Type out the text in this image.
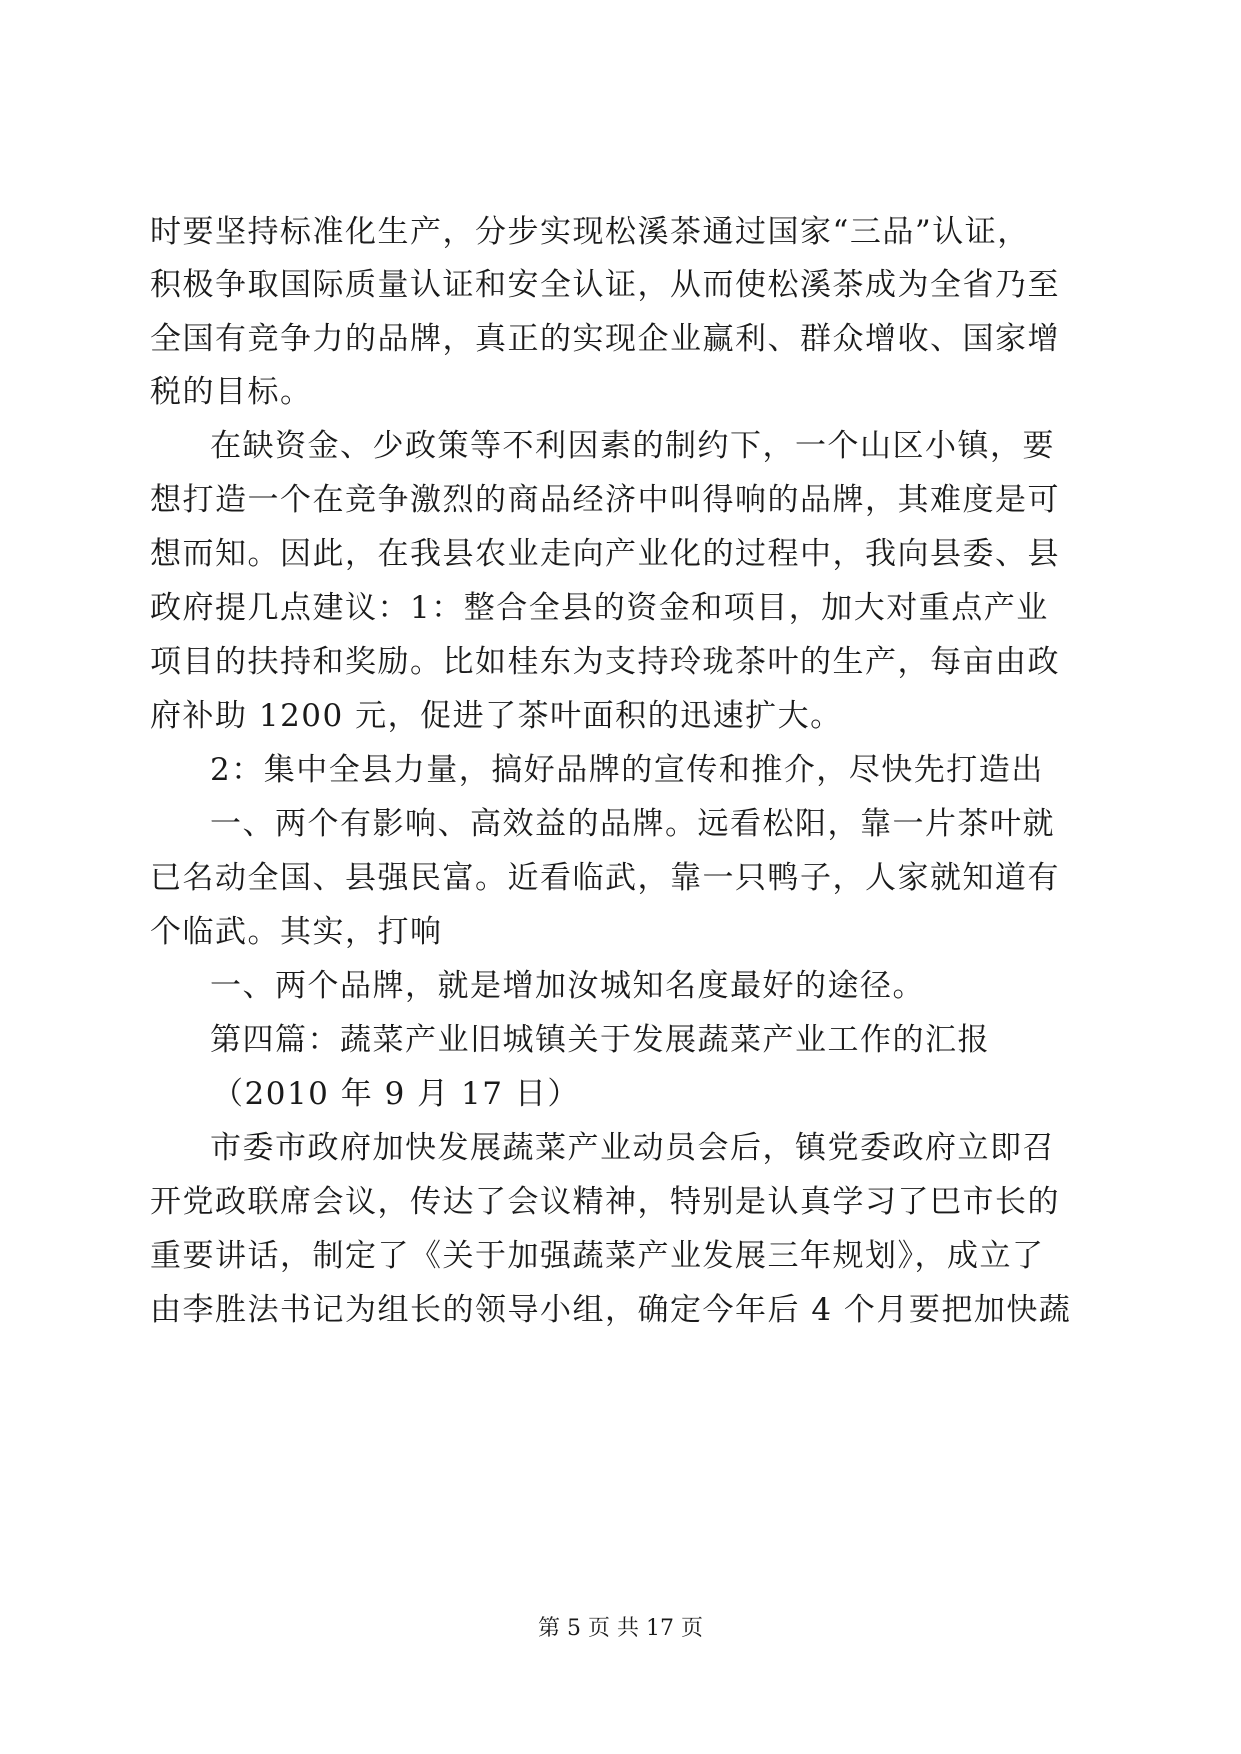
时要坚持标准化生产，分步实现松溪茶通过国家“三品”认证，
积极争取国际质量认证和安全认证，从而使松溪茶成为全省乃至
全国有竞争力的品牌，真正的实现企业赢利、群众增收、国家增
税的目标。
在缺资金、少政策等不利因素的制约下，一个山区小镇，要
想打造一个在竞争激烈的商品经济中叫得响的品牌，其难度是可
想而知。因此，在我县农业走向产业化的过程中，我向县委、县
政府提几点建议：1：整合全县的资金和项目，加大对重点产业
项目的扶持和奖励。比如桂东为支持玲珑茶叶的生产，每亩由政
府补助 1200 元，促进了茶叶面积的迅速扩大。
2：集中全县力量，搞好品牌的宣传和推介，尽快先打造出
一、两个有影响、高效益的品牌。远看松阳，靠一片茶叶就
已名动全国、县强民富。近看临武，靠一只鸭子，人家就知道有
个临武。其实，打响
一、两个品牌，就是增加汝城知名度最好的途径。
第四篇：蔬菜产业旧城镇关于发展蔬菜产业工作的汇报
（2010 年 9 月 17 日）
市委市政府加快发展蔬菜产业动员会后，镇党委政府立即召
开党政联席会议，传达了会议精神，特别是认真学习了巴市长的
重要讲话，制定了《关于加强蔬菜产业发展三年规划》，成立了
由李胜法书记为组长的领导小组，确定今年后 4 个月要把加快蔬
第 5 页 共 17 页
